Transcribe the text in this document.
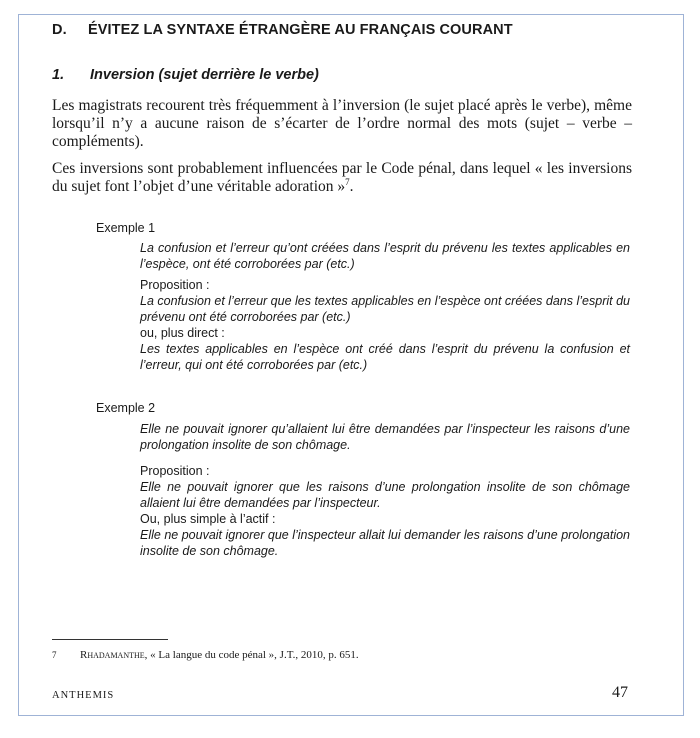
D. ÉVITEZ LA SYNTAXE ÉTRANGÈRE AU FRANÇAIS COURANT
1. Inversion (sujet derrière le verbe)
Les magistrats recourent très fréquemment à l’inversion (le sujet placé après le verbe), même lorsqu’il n’y a aucune raison de s’écarter de l’ordre normal des mots (sujet – verbe – compléments).
Ces inversions sont probablement influencées par le Code pénal, dans lequel « les inversions du sujet font l’objet d’une véritable adoration »$^7$.
Exemple 1
La confusion et l’erreur qu’ont créées dans l’esprit du prévenu les textes applicables en l’espèce, ont été corroborées par (etc.)
Proposition :
La confusion et l’erreur que les textes applicables en l’espèce ont créées dans l’esprit du prévenu ont été corroborées par (etc.)
ou, plus direct :
Les textes applicables en l’espèce ont créé dans l’esprit du prévenu la confusion et l’erreur, qui ont été corroborées par (etc.)
Exemple 2
Elle ne pouvait ignorer qu’allaient lui être demandées par l’inspecteur les raisons d’une prolongation insolite de son chômage.
Proposition :
Elle ne pouvait ignorer que les raisons d’une prolongation insolite de son chômage allaient lui être demandées par l’inspecteur.
Ou, plus simple à l’actif :
Elle ne pouvait ignorer que l’inspecteur allait lui demander les raisons d’une prolongation insolite de son chômage.
7 Rhadamanthe, « La langue du code pénal », J.T., 2010, p. 651.
ANTHEMIS	47
